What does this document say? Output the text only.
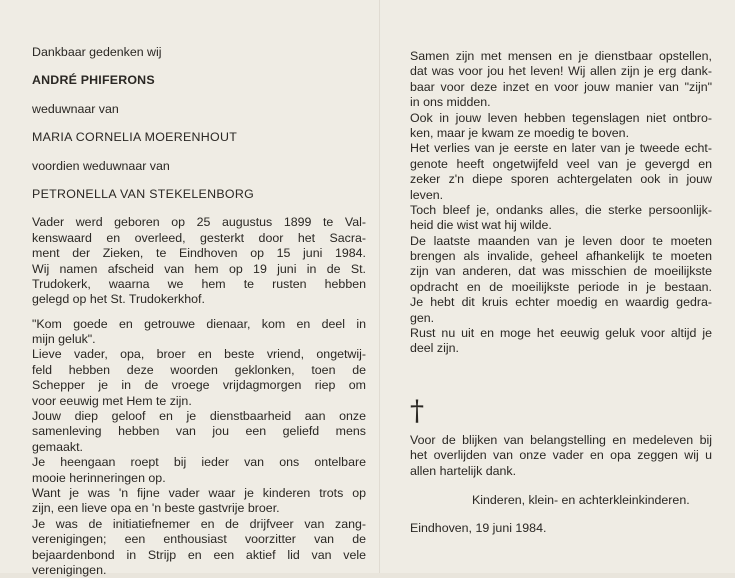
Dankbaar gedenken wij
ANDRÉ PHIFERONS
weduwnaar van
MARIA CORNELIA MOERENHOUT
voordien weduwnaar van
PETRONELLA VAN STEKELENBORG
Vader werd geboren op 25 augustus 1899 te Val-
kenswaard en overleed, gesterkt door het Sacra-
ment der Zieken, te Eindhoven op 15 juni 1984.
Wij namen afscheid van hem op 19 juni in de St.
Trudokerk, waarna we hem te rusten hebben
gelegd op het St. Trudokerkhof.
"Kom goede en getrouwe dienaar, kom en deel in
mijn geluk".
Lieve vader, opa, broer en beste vriend, ongetwij-
feld hebben deze woorden geklonken, toen de
Schepper je in de vroege vrijdagmorgen riep om
voor eeuwig met Hem te zijn.
Jouw diep geloof en je dienstbaarheid aan onze
samenleving hebben van jou een geliefd mens
gemaakt.
Je heengaan roept bij ieder van ons ontelbare
mooie herinneringen op.
Want je was 'n fijne vader waar je kinderen trots op
zijn, een lieve opa en 'n beste gastvrije broer.
Je was de initiatiefnemer en de drijfveer van zang-
verenigingen; een enthousiast voorzitter van de
bejaardenbond in Strijp en een aktief lid van vele
verenigingen.
Samen zijn met mensen en je dienstbaar opstellen,
dat was voor jou het leven! Wij allen zijn je erg dank-
baar voor deze inzet en voor jouw manier van "zijn"
in ons midden.
Ook in jouw leven hebben tegenslagen niet ontbro-
ken, maar je kwam ze moedig te boven.
Het verlies van je eerste en later van je tweede echt-
genote heeft ongetwijfeld veel van je gevergd en
zeker z'n diepe sporen achtergelaten ook in jouw
leven.
Toch bleef je, ondanks alles, die sterke persoonlijk-
heid die wist wat hij wilde.
De laatste maanden van je leven door te moeten
brengen als invalide, geheel afhankelijk te moeten
zijn van anderen, dat was misschien de moeilijkste
opdracht en de moeilijkste periode in je bestaan.
Je hebt dit kruis echter moedig en waardig gedra-
gen.
Rust nu uit en moge het eeuwig geluk voor altijd je
deel zijn.
†
Voor de blijken van belangstelling en medeleven bij
het overlijden van onze vader en opa zeggen wij u
allen hartelijk dank.
Kinderen, klein- en achterkleinkinderen.
Eindhoven, 19 juni 1984.
